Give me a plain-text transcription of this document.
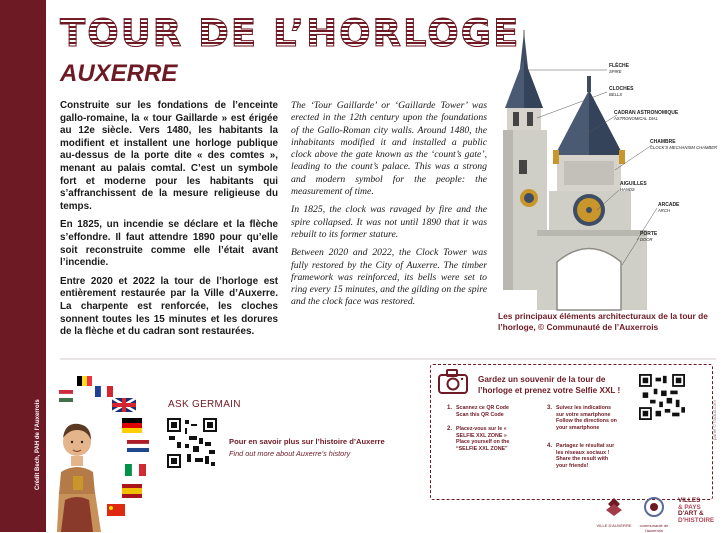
TOUR DE L’HORLOGE
AUXERRE

Construite sur les fondations de l’enceinte gallo-romaine, la « tour Gaillarde » est érigée au 12e siècle. Vers 1480, les habitants la modifient et installent une horloge publique au-dessus de la porte dite « des comtes », menant au palais comtal. C’est un symbole fort et moderne pour les habitants qui s’affranchissent de la mesure religieuse du temps.

En 1825, un incendie se déclare et la flèche s’effondre. Il faut attendre 1890 pour qu’elle soit reconstruite comme elle l’était avant l’incendie.

Entre 2020 et 2022 la tour de l’horloge est entièrement restaurée par la Ville d’Auxerre. La charpente est renforcée, les cloches sonnent toutes les 15 minutes et les dorures de la flèche et du cadran sont restaurées.

The ‘Tour Gaillarde’ or ‘Gaillarde Tower’ was erected in the 12th century upon the foundations of the Gallo-Roman city walls. Around 1480, the inhabitants modified it and installed a public clock above the gate known as the ‘count’s gate’, leading to the count’s palace. This was a strong and modern symbol for the people: the measurement of time.

In 1825, the clock was ravaged by fire and the spire collapsed. It was not until 1890 that it was rebuilt to its former stature.

Between 2020 and 2022, the Clock Tower was fully restored by the City of Auxerre. The timber framework was reinforced, its bells were set to ring every 15 minutes, and the gilding on the spire and the clock face was restored.

FLÈCHE
SPIRE
CLOCHES
BELLS
CADRAN ASTRONOMIQUE
ASTRONOMICAL DIAL
CHAMBRE
CLOCK’S MECHANISM CHAMBER
AIGUILLES
HANDS
ARCADE
ARCH
PORTE
DOOR
Les principaux éléments architecturaux de la tour de l’horloge, © Communauté de l’Auxerrois
Crédit Bech, PAH de l'Auxerrois	ASK GERMAIN
Pour en savoir plus sur l’histoire d’Auxerre
Find out more about Auxerre’s history
Gardez un souvenir de la tour de l’horloge et prenez votre Selfie XXL !
1. Scannez ce QR Code
Scan this QR Code
2. Placez-vous sur le « SELFIE XXL ZONE »
Place yourself on the “SELFIE XXL ZONE”
3. Suivez les indications sur votre smartphone
Follow the directions on your smartphone
4. Partagez le résultat sur les réseaux sociaux !
Share the result with your friends!
panel © traduit.com
VILLE D'AUXERRE	communauté de l'auxerrois
VILLES
& PAYS
D'ART &
D'HISTOIRE
